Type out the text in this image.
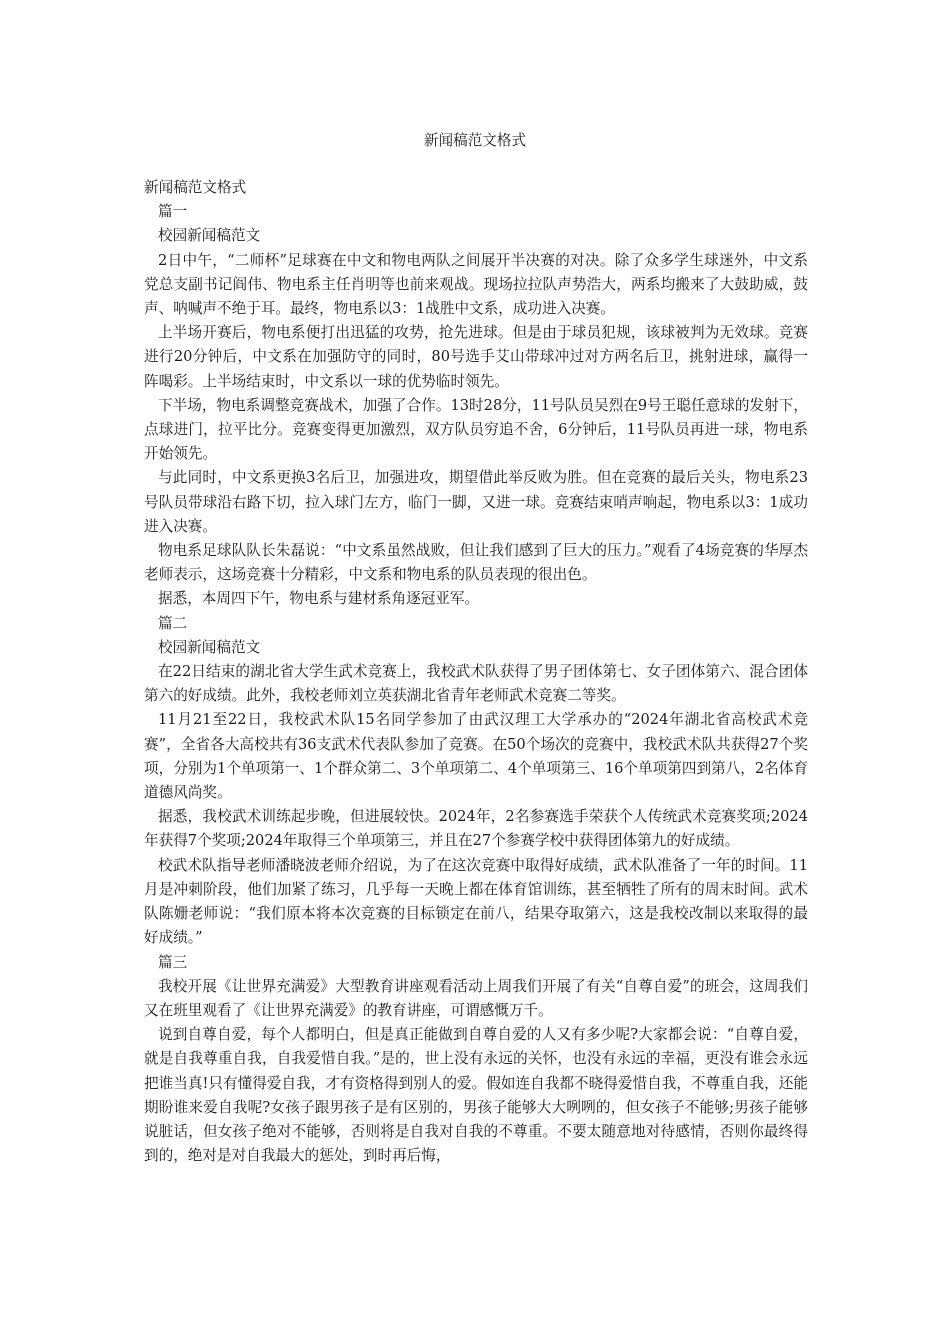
新闻稿范文格式
新闻稿范文格式
篇一
校园新闻稿范文

2日中午，“二师杯”足球赛在中文和物电两队之间展开半决赛的对决。除了众多学生球迷外，中文系党总支副书记阎伟、物电系主任肖明等也前来观战。现场拉拉队声势浩大，两系均搬来了大鼓助威，鼓声、呐喊声不绝于耳。最终，物电系以3：1战胜中文系，成功进入决赛。

上半场开赛后，物电系便打出迅猛的攻势，抢先进球。但是由于球员犯规，该球被判为无效球。竞赛进行20分钟后，中文系在加强防守的同时，80号选手艾山带球冲过对方两名后卫，挑射进球，赢得一阵喝彩。上半场结束时，中文系以一球的优势临时领先。

下半场，物电系调整竞赛战术，加强了合作。13时28分，11号队员吴烈在9号王聪任意球的发射下，点球进门，拉平比分。竞赛变得更加激烈，双方队员穷追不舍，6分钟后，11号队员再进一球，物电系开始领先。

与此同时，中文系更换3名后卫，加强进攻，期望借此举反败为胜。但在竞赛的最后关头，物电系23号队员带球沿右路下切，拉入球门左方，临门一脚，又进一球。竞赛结束哨声响起，物电系以3：1成功进入决赛。

物电系足球队队长朱磊说：“中文系虽然战败，但让我们感到了巨大的压力。”观看了4场竞赛的华厚杰老师表示，这场竞赛十分精彩，中文系和物电系的队员表现的很出色。

据悉，本周四下午，物电系与建材系角逐冠亚军。

篇二
校园新闻稿范文

在22日结束的湖北省大学生武术竞赛上，我校武术队获得了男子团体第七、女子团体第六、混合团体第六的好成绩。此外，我校老师刘立英获湖北省青年老师武术竞赛二等奖。

11月21至22日，我校武术队15名同学参加了由武汉理工大学承办的“2024年湖北省高校武术竞赛”，全省各大高校共有36支武术代表队参加了竞赛。在50个场次的竞赛中，我校武术队共获得27个奖项，分别为1个单项第一、1个群众第二、3个单项第二、4个单项第三、16个单项第四到第八，2名体育道德风尚奖。

据悉，我校武术训练起步晚，但进展较快。2024年，2名参赛选手荣获个人传统武术竞赛奖项;2024年获得7个奖项;2024年取得三个单项第三，并且在27个参赛学校中获得团体第九的好成绩。

校武术队指导老师潘晓波老师介绍说，为了在这次竞赛中取得好成绩，武术队准备了一年的时间。11月是冲刺阶段，他们加紧了练习，几乎每一天晚上都在体育馆训练，甚至牺牲了所有的周末时间。武术队陈姗老师说：“我们原本将本次竞赛的目标锁定在前八，结果夺取第六，这是我校改制以来取得的最好成绩。”

篇三

我校开展《让世界充满爱》大型教育讲座观看活动上周我们开展了有关“自尊自爱”的班会，这周我们又在班里观看了《让世界充满爱》的教育讲座，可谓感慨万千。

说到自尊自爱，每个人都明白，但是真正能做到自尊自爱的人又有多少呢?大家都会说：“自尊自爱，就是自我尊重自我，自我爱惜自我。”是的，世上没有永远的关怀，也没有永远的幸福，更没有谁会永远把谁当真!只有懂得爱自我，才有资格得到别人的爱。假如连自我都不晓得爱惜自我，不尊重自我，还能期盼谁来爱自我呢?女孩子跟男孩子是有区别的，男孩子能够大大咧咧的，但女孩子不能够;男孩子能够说脏话，但女孩子绝对不能够，否则将是自我对自我的不尊重。不要太随意地对待感情，否则你最终得到的，绝对是对自我最大的惩处，到时再后悔，
